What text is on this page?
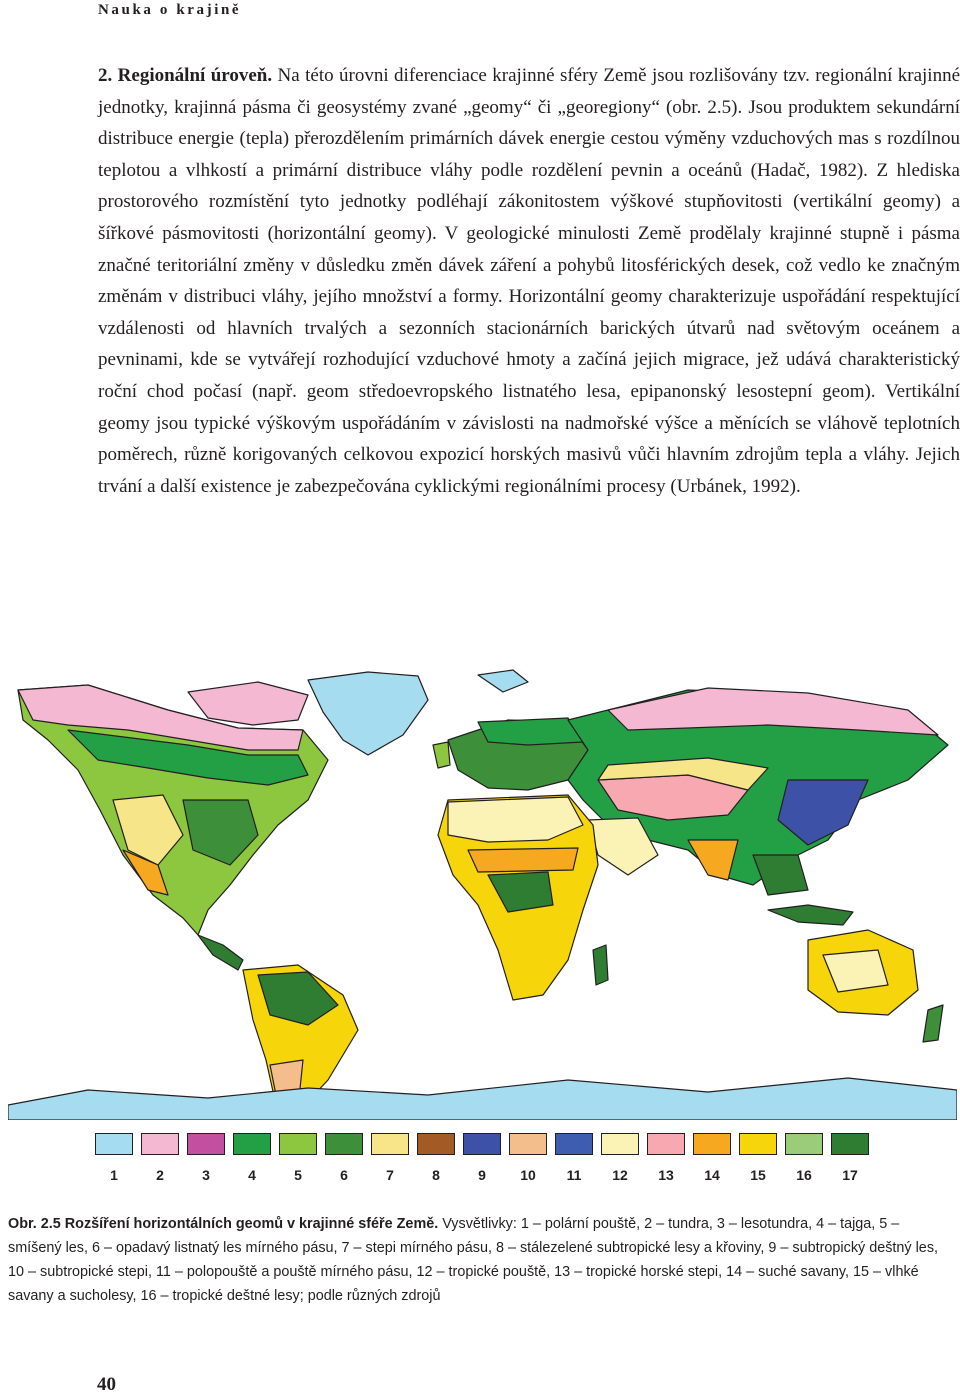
Nauka o krajině
2. Regionální úroveň. Na této úrovni diferenciace krajinné sféry Země jsou rozlišovány tzv. regionální krajinné jednotky, krajinná pásma či geosystémy zvané „geomy“ či „georegiony“ (obr. 2.5). Jsou produktem sekundární distribuce energie (tepla) přerozdělením primárních dávek energie cestou výměny vzduchových mas s rozdílnou teplotou a vlhkostí a primární distribuce vláhy podle rozdělení pevnin a oceánů (Hadač, 1982). Z hlediska prostorového rozmístění tyto jednotky podléhají zákonitostem výškové stupňovitosti (vertikální geomy) a šířkové pásmovitosti (horizontální geomy). V geologické minulosti Země prodělaly krajinné stupně i pásma značné teritoriální změny v důsledku změn dávek záření a pohybů litosférických desek, což vedlo ke značným změnám v distribuci vláhy, jejího množství a formy. Horizontální geomy charakterizuje uspořádání respektující vzdálenosti od hlavních trvalých a sezonních stacionárních barických útvarů nad světovým oceánem a pevninami, kde se vytvářejí rozhodující vzduchové hmoty a začíná jejich migrace, jež udává charakteristický roční chod počasí (např. geom středoevropského listnatého lesa, epipanonský lesostepní geom). Vertikální geomy jsou typické výškovým uspořádáním v závislosti na nadmořské výšce a měnících se vláhově teplotních poměrech, různě korigovaných celkovou expozicí horských masivů vůči hlavním zdrojům tepla a vláhy. Jejich trvání a další existence je zabezpečována cyklickými regionálními procesy (Urbánek, 1992).
1	2	3	4	5	6	7	8	9	10	11	12	13	14	15	16	17
Obr. 2.5 Rozšíření horizontálních geomů v krajinné sféře Země. Vysvětlivky: 1 – polární pouště, 2 – tundra, 3 – lesotundra, 4 – tajga, 5 – smíšený les, 6 – opadavý listnatý les mírného pásu, 7 – stepi mírného pásu, 8 – stálezelené subtropické lesy a křoviny, 9 – subtropický deštný les, 10 – subtropické stepi, 11 – polopouště a pouště mírného pásu, 12 – tropické pouště, 13 – tropické horské stepi, 14 – suché savany, 15 – vlhké savany a sucholesy, 16 – tropické deštné lesy; podle různých zdrojů
40
